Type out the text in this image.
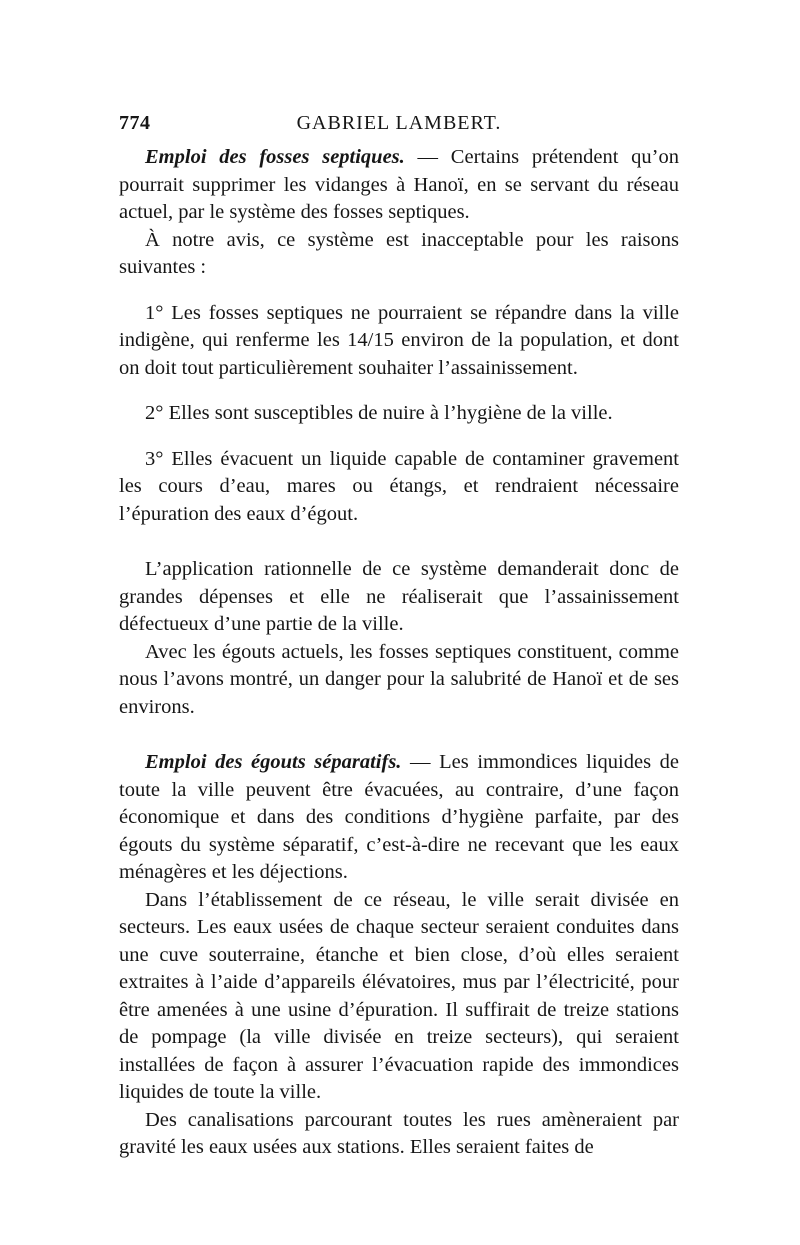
774	GABRIEL LAMBERT.

Emploi des fosses septiques. — Certains prétendent qu’on pourrait supprimer les vidanges à Hanoï, en se servant du réseau actuel, par le système des fosses septiques.

À notre avis, ce système est inacceptable pour les raisons suivantes :

1° Les fosses septiques ne pourraient se répandre dans la ville indigène, qui renferme les 14/15 environ de la population, et dont on doit tout particulièrement souhaiter l’assainissement.

2° Elles sont susceptibles de nuire à l’hygiène de la ville.

3° Elles évacuent un liquide capable de contaminer gravement les cours d’eau, mares ou étangs, et rendraient nécessaire l’épuration des eaux d’égout.

L’application rationnelle de ce système demanderait donc de grandes dépenses et elle ne réaliserait que l’assainissement défectueux d’une partie de la ville.

Avec les égouts actuels, les fosses septiques constituent, comme nous l’avons montré, un danger pour la salubrité de Hanoï et de ses environs.

Emploi des égouts séparatifs. — Les immondices liquides de toute la ville peuvent être évacuées, au contraire, d’une façon économique et dans des conditions d’hygiène parfaite, par des égouts du système séparatif, c’est-à-dire ne recevant que les eaux ménagères et les déjections.

Dans l’établissement de ce réseau, le ville serait divisée en secteurs. Les eaux usées de chaque secteur seraient conduites dans une cuve souterraine, étanche et bien close, d’où elles seraient extraites à l’aide d’appareils élévatoires, mus par l’électricité, pour être amenées à une usine d’épuration. Il suffirait de treize stations de pompage (la ville divisée en treize secteurs), qui seraient installées de façon à assurer l’évacuation rapide des immondices liquides de toute la ville.

Des canalisations parcourant toutes les rues amèneraient par gravité les eaux usées aux stations. Elles seraient faites de
